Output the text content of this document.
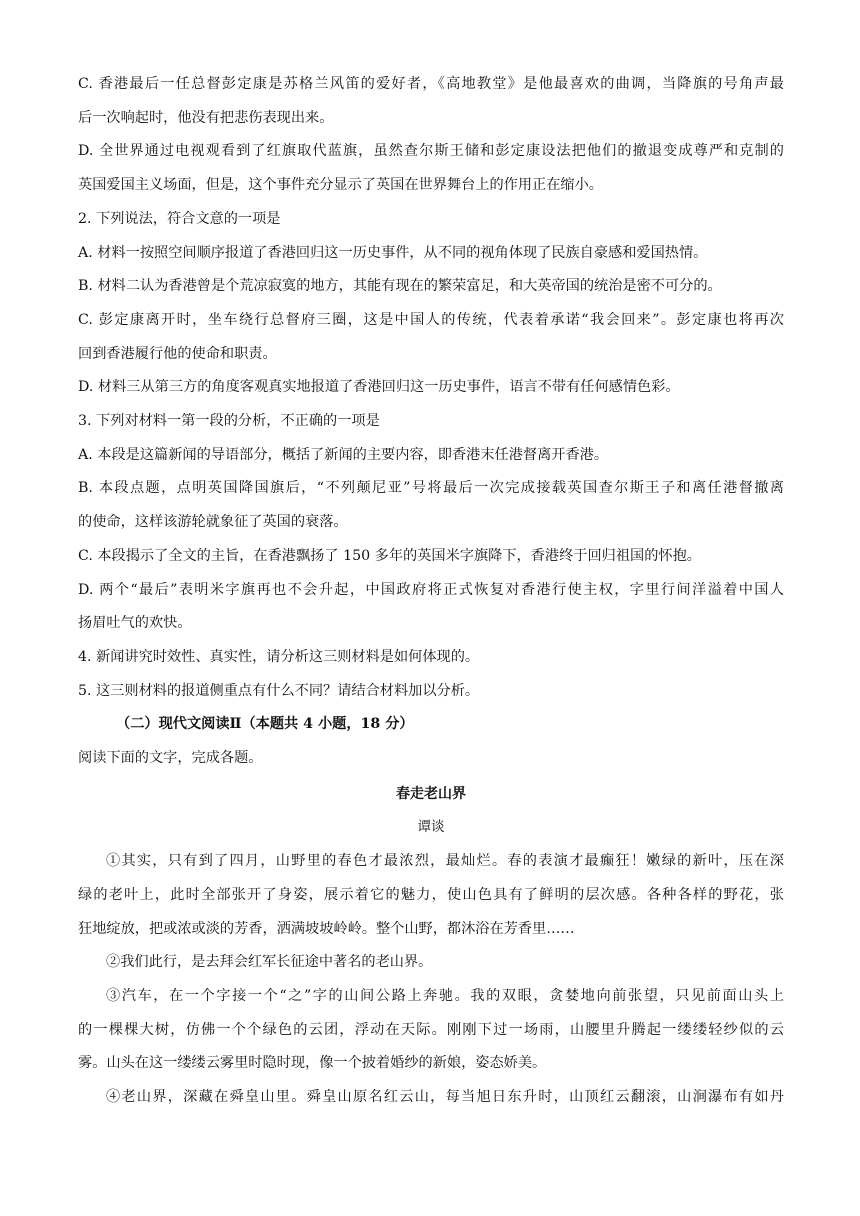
C. 香港最后一任总督彭定康是苏格兰风笛的爱好者，《高地教堂》是他最喜欢的曲调，当降旗的号角声最
后一次响起时，他没有把悲伤表现出来。
D. 全世界通过电视观看到了红旗取代蓝旗，虽然查尔斯王储和彭定康设法把他们的撤退变成尊严和克制的
英国爱国主义场面，但是，这个事件充分显示了英国在世界舞台上的作用正在缩小。
2. 下列说法，符合文意的一项是
A. 材料一按照空间顺序报道了香港回归这一历史事件，从不同的视角体现了民族自豪感和爱国热情。
B. 材料二认为香港曾是个荒凉寂寞的地方，其能有现在的繁荣富足，和大英帝国的统治是密不可分的。
C. 彭定康离开时，坐车绕行总督府三圈，这是中国人的传统，代表着承诺“我会回来”。彭定康也将再次
回到香港履行他的使命和职责。
D. 材料三从第三方的角度客观真实地报道了香港回归这一历史事件，语言不带有任何感情色彩。
3. 下列对材料一第一段的分析，不正确的一项是
A. 本段是这篇新闻的导语部分，概括了新闻的主要内容，即香港末任港督离开香港。
B. 本段点题，点明英国降国旗后，“不列颠尼亚”号将最后一次完成接载英国查尔斯王子和离任港督撤离
的使命，这样该游轮就象征了英国的衰落。
C. 本段揭示了全文的主旨，在香港飘扬了 150 多年的英国米字旗降下，香港终于回归祖国的怀抱。
D. 两个“最后”表明米字旗再也不会升起，中国政府将正式恢复对香港行使主权，字里行间洋溢着中国人
扬眉吐气的欢快。
4. 新闻讲究时效性、真实性，请分析这三则材料是如何体现的。
5. 这三则材料的报道侧重点有什么不同？请结合材料加以分析。
（二）现代文阅读Ⅱ（本题共 4 小题，18 分）
阅读下面的文字，完成各题。
春走老山界
谭谈
①其实，只有到了四月，山野里的春色才最浓烈，最灿烂。春的表演才最癫狂！嫩绿的新叶，压在深
绿的老叶上，此时全部张开了身姿，展示着它的魅力，使山色具有了鲜明的层次感。各种各样的野花，张
狂地绽放，把或浓或淡的芳香，洒满坡坡岭岭。整个山野，都沐浴在芳香里……
②我们此行，是去拜会红军长征途中著名的老山界。
③汽车，在一个字接一个“之”字的山间公路上奔驰。我的双眼，贪婪地向前张望，只见前面山头上
的一棵棵大树，仿佛一个个绿色的云团，浮动在天际。刚刚下过一场雨，山腰里升腾起一缕缕轻纱似的云
雾。山头在这一缕缕云雾里时隐时现，像一个披着婚纱的新娘，姿态娇美。
④老山界，深藏在舜皇山里。舜皇山原名红云山，每当旭日东升时，山顶红云翻滚，山涧瀑布有如丹
